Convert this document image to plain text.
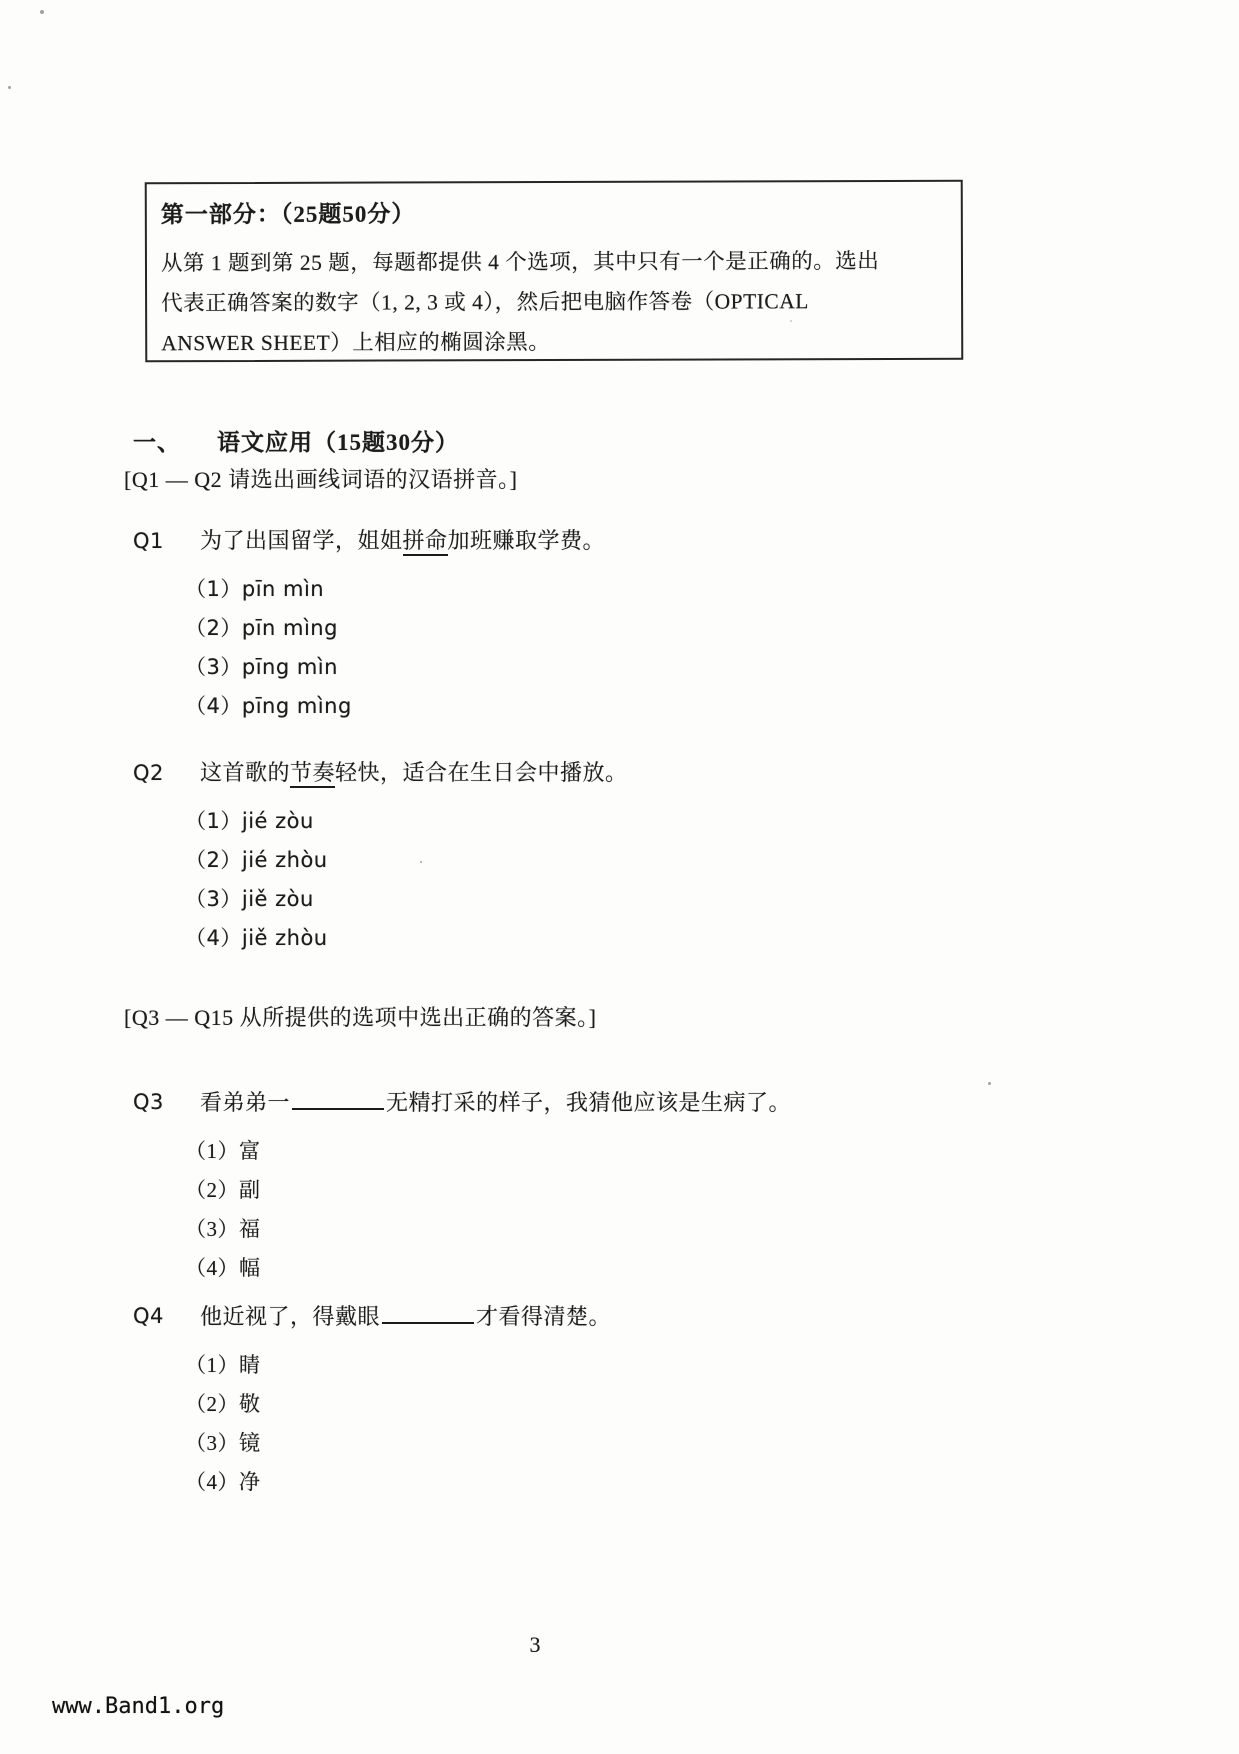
第一部分：（25题50分）
从第 1 题到第 25 题，每题都提供 4 个选项，其中只有一个是正确的。选出
代表正确答案的数字（1, 2, 3 或 4），然后把电脑作答卷（OPTICAL
ANSWER SHEET）上相应的椭圆涂黑。
一、 语文应用（15题30分）
[Q1 — Q2 请选出画线词语的汉语拼音。]
Q1	为了出国留学，姐姐拼命加班赚取学费。
（1）pīn mìn
（2）pīn mìng
（3）pīng mìn
（4）pīng mìng
Q2	这首歌的节奏轻快，适合在生日会中播放。
（1）jié zòu
（2）jié zhòu
（3）jiě zòu
（4）jiě zhòu
[Q3 — Q15 从所提供的选项中选出正确的答案。]
Q3	看弟弟一	无精打采的样子，我猜他应该是生病了。
（1）富
（2）副
（3）福
（4）幅
Q4	他近视了，得戴眼	才看得清楚。
（1）睛
（2）敬
（3）镜
（4）净
3
www.Band1.org
